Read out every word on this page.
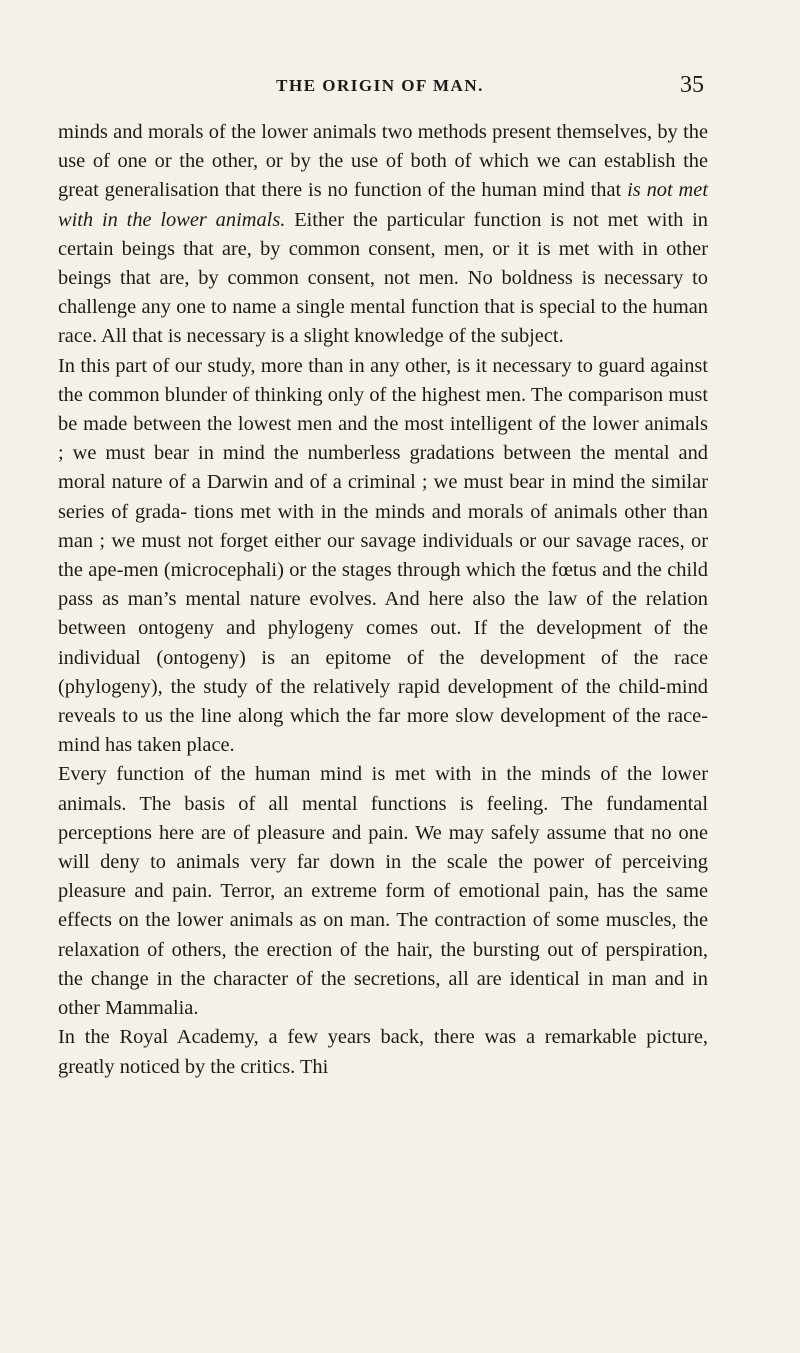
THE ORIGIN OF MAN.	35

minds and morals of the lower animals two methods present themselves, by the use of one or the other, or by the use of both of which we can establish the great generalisation that there is no function of the human mind that is not met with in the lower animals. Either the particular function is not met with in certain beings that are, by common consent, men, or it is met with in other beings that are, by common consent, not men. No boldness is necessary to challenge any one to name a single mental function that is special to the human race. All that is necessary is a slight knowledge of the subject.

In this part of our study, more than in any other, is it necessary to guard against the common blunder of thinking only of the highest men. The comparison must be made between the lowest men and the most intelligent of the lower animals ; we must bear in mind the numberless gradations between the mental and moral nature of a Darwin and of a criminal ; we must bear in mind the similar series of grada- tions met with in the minds and morals of animals other than man ; we must not forget either our savage individuals or our savage races, or the ape-men (microcephali) or the stages through which the fœtus and the child pass as man’s mental nature evolves. And here also the law of the relation between ontogeny and phylogeny comes out. If the development of the individual (ontogeny) is an epitome of the development of the race (phylogeny), the study of the relatively rapid development of the child-mind reveals to us the line along which the far more slow development of the race-mind has taken place.

Every function of the human mind is met with in the minds of the lower animals. The basis of all mental functions is feeling. The fundamental perceptions here are of pleasure and pain. We may safely assume that no one will deny to animals very far down in the scale the power of perceiving pleasure and pain. Terror, an extreme form of emotional pain, has the same effects on the lower animals as on man. The contraction of some muscles, the relaxation of others, the erection of the hair, the bursting out of perspiration, the change in the character of the secretions, all are identical in man and in other Mammalia.

In the Royal Academy, a few years back, there was a remarkable picture, greatly noticed by the critics. Thi
